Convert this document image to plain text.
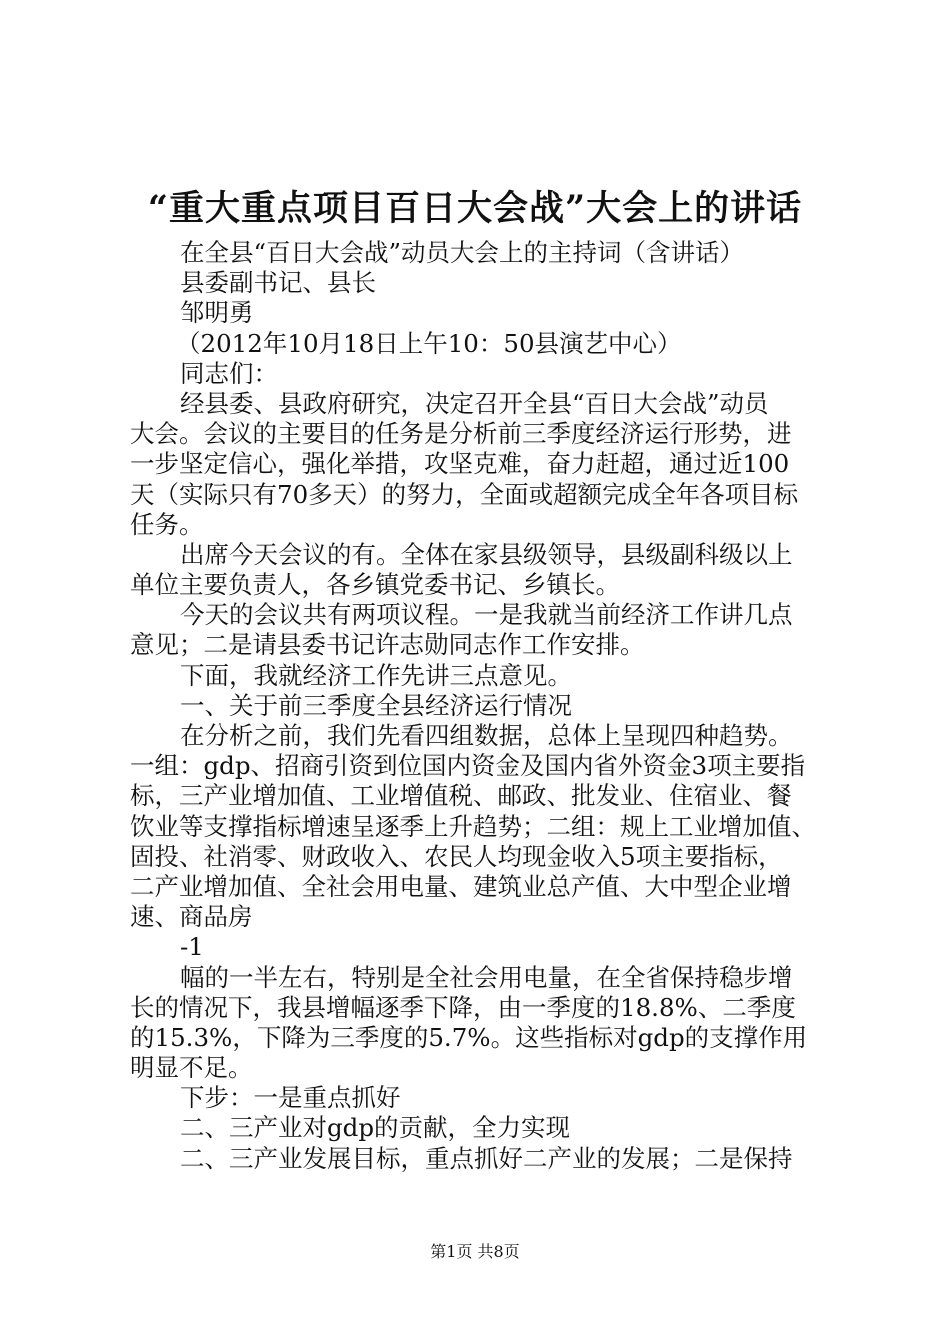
“重大重点项目百日大会战”大会上的讲话
在全县“百日大会战”动员大会上的主持词（含讲话）
县委副书记、县长
邹明勇
（2012年10月18日上午10：50县演艺中心）
同志们：
经县委、县政府研究，决定召开全县“百日大会战”动员
大会。会议的主要目的任务是分析前三季度经济运行形势，进
一步坚定信心，强化举措，攻坚克难，奋力赶超，通过近100
天（实际只有70多天）的努力，全面或超额完成全年各项目标
任务。
出席今天会议的有。全体在家县级领导，县级副科级以上
单位主要负责人，各乡镇党委书记、乡镇长。
今天的会议共有两项议程。一是我就当前经济工作讲几点
意见；二是请县委书记许志勋同志作工作安排。
下面，我就经济工作先讲三点意见。
一、关于前三季度全县经济运行情况
在分析之前，我们先看四组数据，总体上呈现四种趋势。
一组：gdp、招商引资到位国内资金及国内省外资金3项主要指
标，三产业增加值、工业增值税、邮政、批发业、住宿业、餐
饮业等支撑指标增速呈逐季上升趋势；二组：规上工业增加值、
固投、社消零、财政收入、农民人均现金收入5项主要指标，
二产业增加值、全社会用电量、建筑业总产值、大中型企业增
速、商品房
-1
幅的一半左右，特别是全社会用电量，在全省保持稳步增
长的情况下，我县增幅逐季下降，由一季度的18.8%、二季度
的15.3%，下降为三季度的5.7%。这些指标对gdp的支撑作用
明显不足。
下步：一是重点抓好
二、三产业对gdp的贡献，全力实现
二、三产业发展目标，重点抓好二产业的发展；二是保持
第1页 共8页
